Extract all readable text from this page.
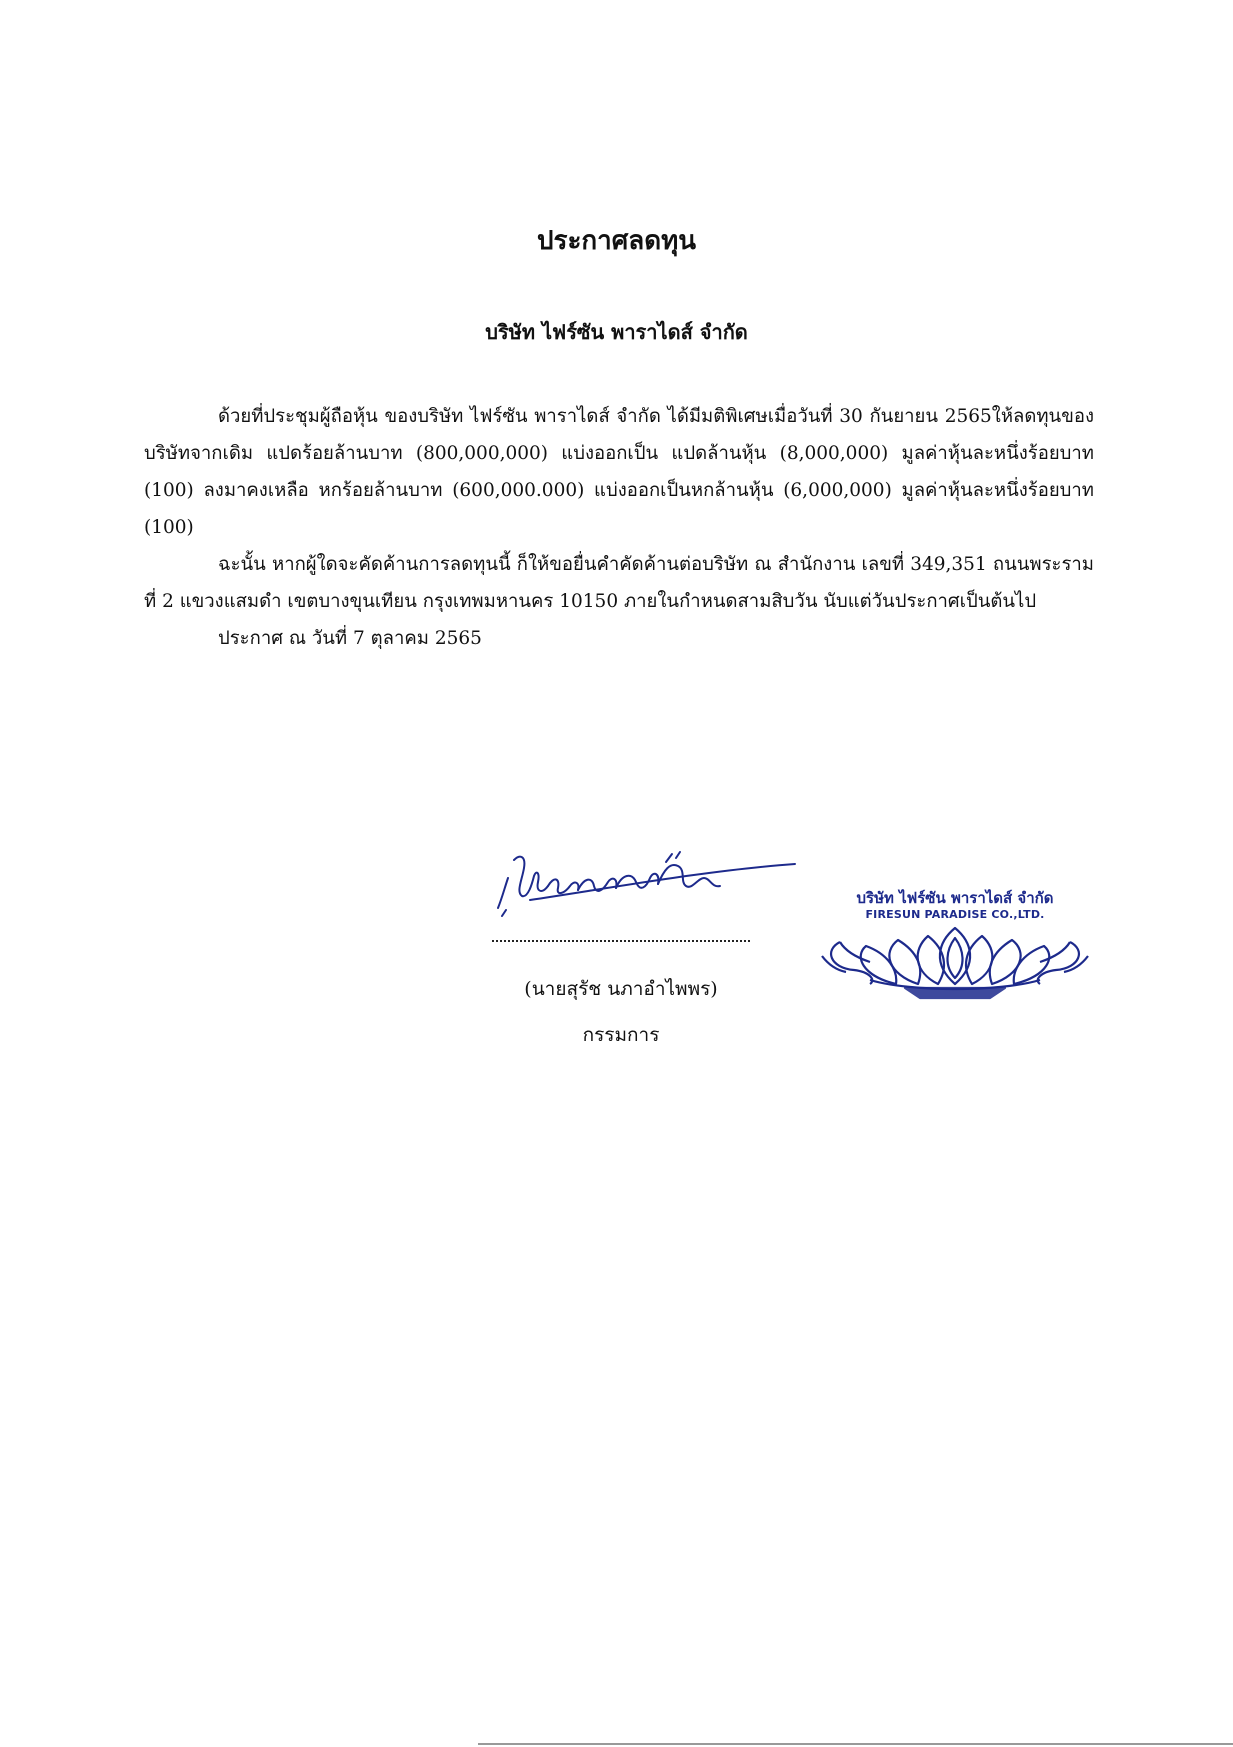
ประกาศลดทุน
บริษัท ไฟร์ซัน พาราไดส์ จำกัด

ด้วยที่ประชุมผู้ถือหุ้น ของบริษัท ไฟร์ซัน พาราไดส์ จำกัด ได้มีมติพิเศษเมื่อวันที่ 30 กันยายน 2565ให้ลดทุนของบริษัทจากเดิม แปดร้อยล้านบาท (800,000,000) แบ่งออกเป็น แปดล้านหุ้น (8,000,000) มูลค่าหุ้นละหนึ่งร้อยบาท (100) ลงมาคงเหลือ หกร้อยล้านบาท (600,000.000) แบ่งออกเป็นหกล้านหุ้น (6,000,000) มูลค่าหุ้นละหนึ่งร้อยบาท (100)

ฉะนั้น หากผู้ใดจะคัดค้านการลดทุนนี้ ก็ให้ขอยื่นคำคัดค้านต่อบริษัท ณ สำนักงาน เลขที่ 349,351 ถนนพระรามที่ 2 แขวงแสมดำ เขตบางขุนเทียน กรุงเทพมหานคร 10150 ภายในกำหนดสามสิบวัน นับแต่วันประกาศเป็นต้นไป

ประกาศ ณ วันที่ 7 ตุลาคม 2565

(นายสุรัช นภาอำไพพร)
กรรมการ
บริษัท ไฟร์ซัน พาราไดส์ จำกัด
FIRESUN PARADISE CO.,LTD.
